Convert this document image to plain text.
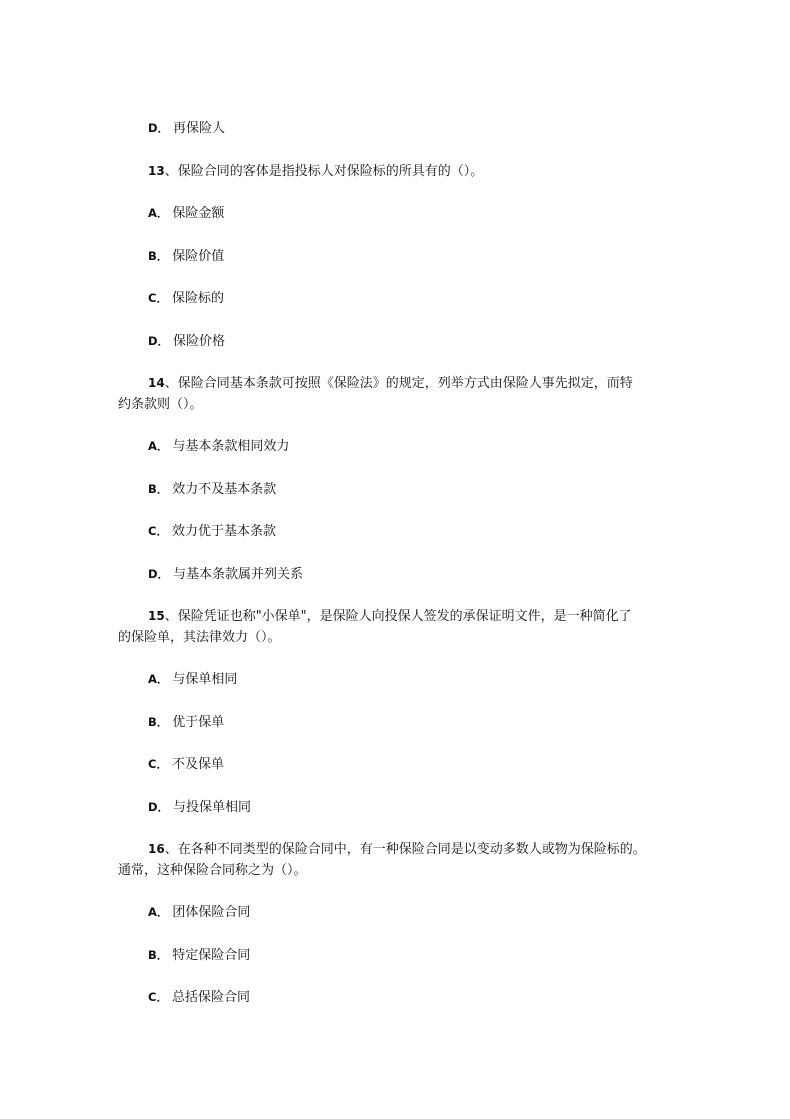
D． 再保险人
13、保险合同的客体是指投标人对保险标的所具有的（）。
A． 保险金额
B． 保险价值
C． 保险标的
D． 保险价格
14、保险合同基本条款可按照《保险法》的规定，列举方式由保险人事先拟定，而特
约条款则（）。
A． 与基本条款相同效力
B． 效力不及基本条款
C． 效力优于基本条款
D． 与基本条款属并列关系
15、保险凭证也称"小保单"，是保险人向投保人签发的承保证明文件，是一种简化了
的保险单，其法律效力（）。
A． 与保单相同
B． 优于保单
C． 不及保单
D． 与投保单相同
16、在各种不同类型的保险合同中，有一种保险合同是以变动多数人或物为保险标的。
通常，这种保险合同称之为（）。
A． 团体保险合同
B． 特定保险合同
C． 总括保险合同
